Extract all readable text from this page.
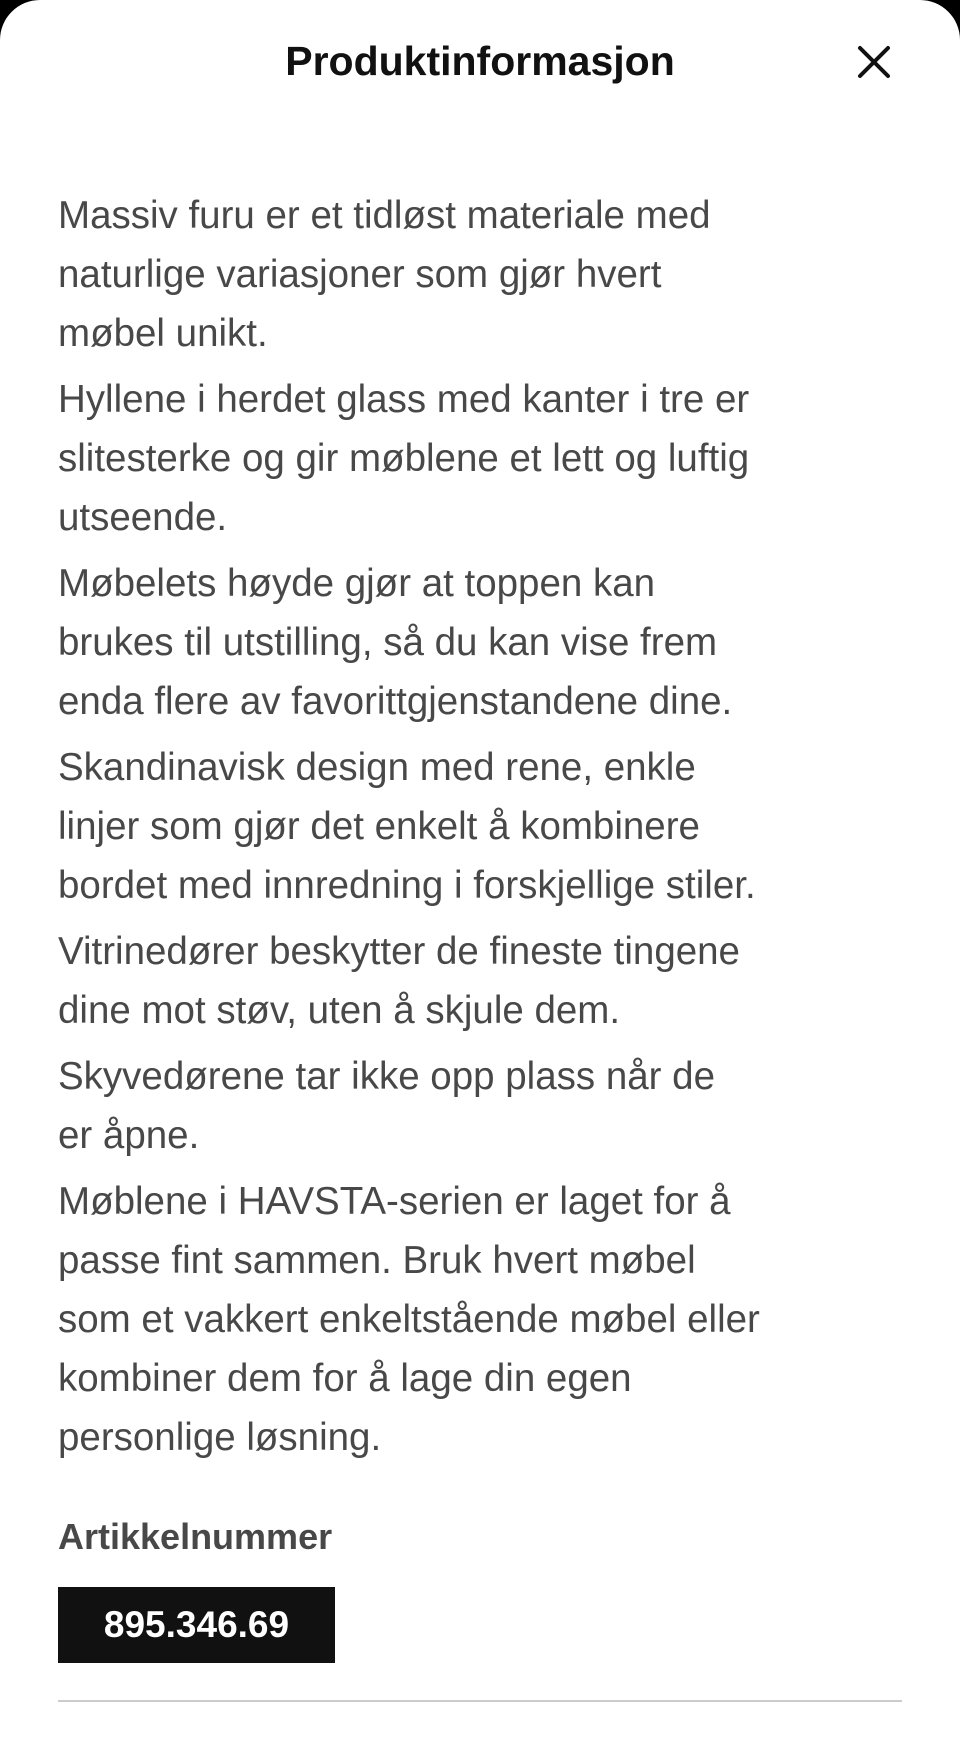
Produktinformasjon

Massiv furu er et tidløst materiale med
naturlige variasjoner som gjør hvert
møbel unikt.

Hyllene i herdet glass med kanter i tre er
slitesterke og gir møblene et lett og luftig
utseende.

Møbelets høyde gjør at toppen kan
brukes til utstilling, så du kan vise frem
enda flere av favorittgjenstandene dine.

Skandinavisk design med rene, enkle
linjer som gjør det enkelt å kombinere
bordet med innredning i forskjellige stiler.

Vitrinedører beskytter de fineste tingene
dine mot støv, uten å skjule dem.

Skyvedørene tar ikke opp plass når de
er åpne.

Møblene i HAVSTA-serien er laget for å
passe fint sammen. Bruk hvert møbel
som et vakkert enkeltstående møbel eller
kombiner dem for å lage din egen
personlige løsning.

Artikkelnummer
895.346.69
